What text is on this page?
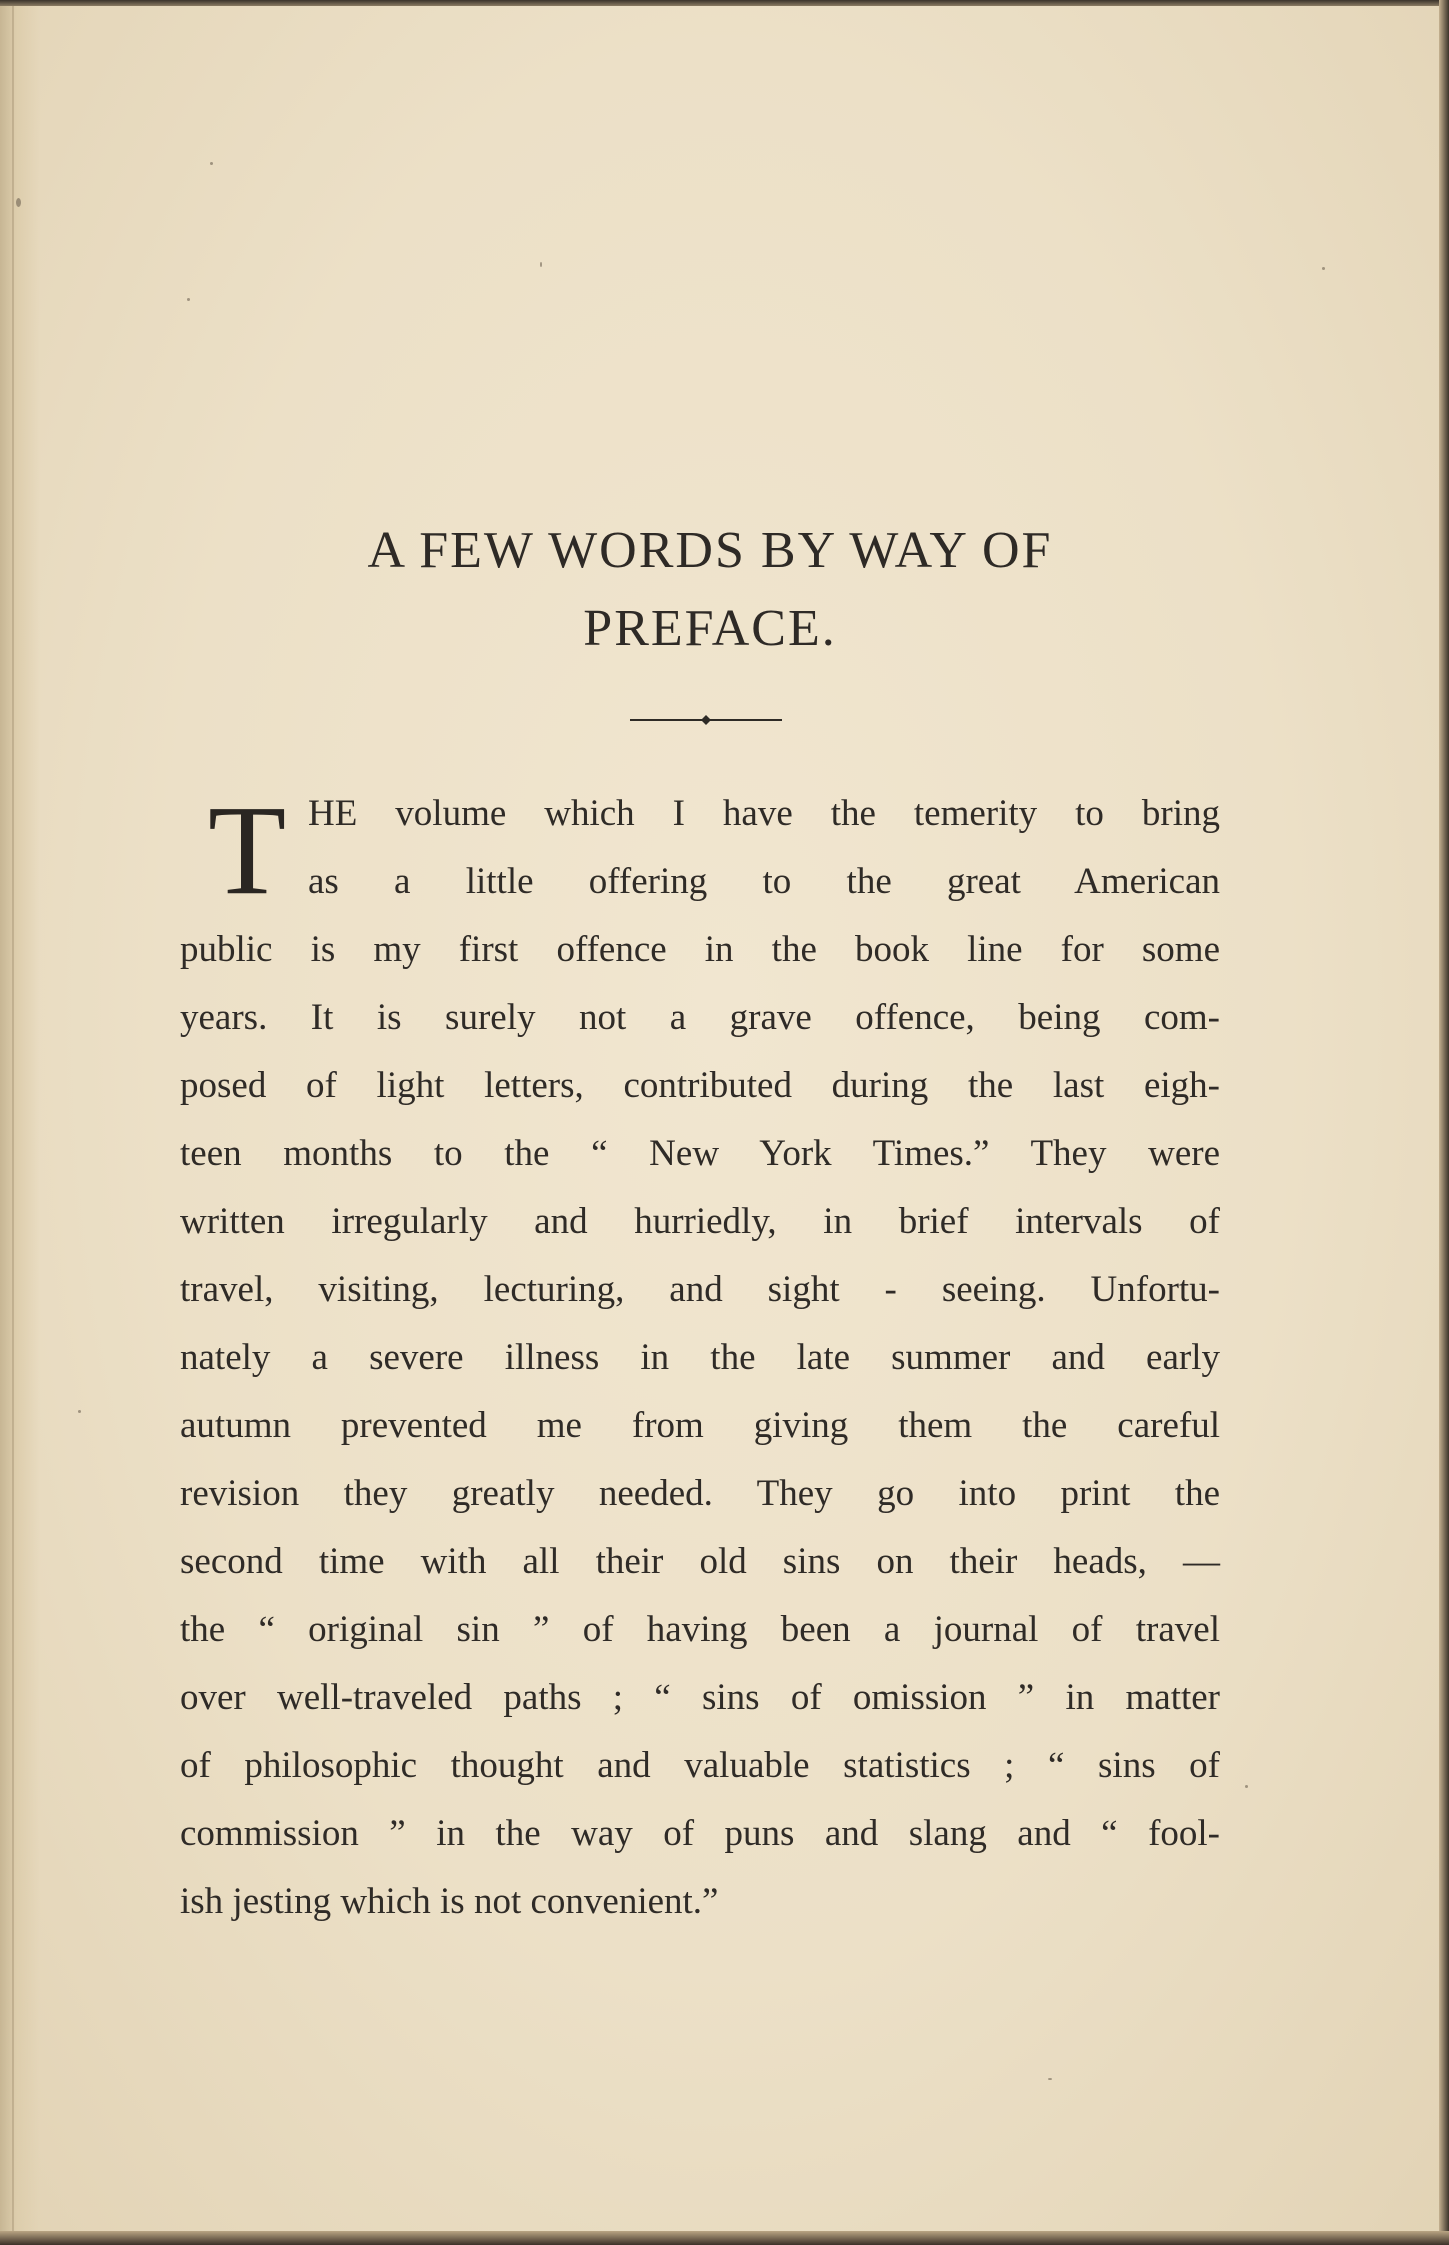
A FEW WORDS BY WAY OF
PREFACE.
T HE volume which I have the temerity to bring
as a little offering to the great American
public is my first offence in the book line for some
years. It is surely not a grave offence, being com-
posed of light letters, contributed during the last eigh-
teen months to the “ New York Times.” They were
written irregularly and hurriedly, in brief intervals of
travel, visiting, lecturing, and sight - seeing. Unfortu-
nately a severe illness in the late summer and early
autumn prevented me from giving them the careful
revision they greatly needed. They go into print the
second time with all their old sins on their heads, —
the “ original sin ” of having been a journal of travel
over well-traveled paths ; “ sins of omission ” in matter
of philosophic thought and valuable statistics ; “ sins of
commission ” in the way of puns and slang and “ fool-
ish jesting which is not convenient.”
